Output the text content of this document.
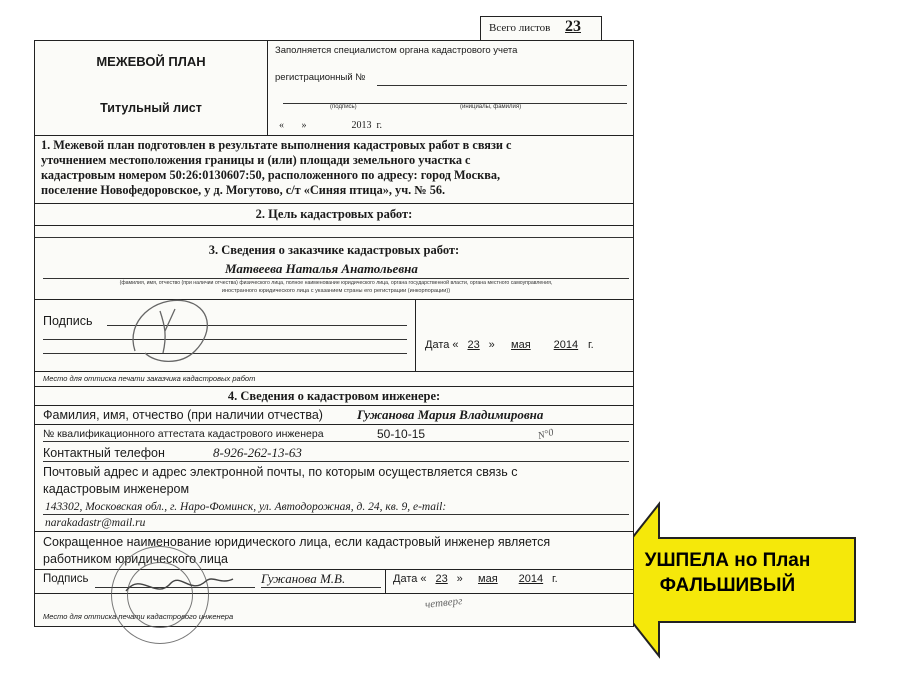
УШПЕЛА но План
ФАЛЬШИВЫЙ
Всего листов 23
МЕЖЕВОЙ ПЛАН
Титульный лист
Заполняется специалистом органа кадастрового учета
регистрационный №
(подпись)	(инициалы, фамилия)
«       »                  2013  г.
1. Межевой план подготовлен в результате выполнения кадастровых работ в связи с
уточнением местоположения границы и (или) площади земельного участка с
кадастровым номером 50:26:0130607:50, расположенного по адресу: город Москва,
поселение Новофедоровское, у д. Могутово, с/т «Синяя птица», уч. № 56.
2. Цель кадастровых работ:
3. Сведения о заказчике кадастровых работ:
Матвеева Наталья Анатольевна
(фамилия, имя, отчество (при наличии отчества) физического лица, полное наименование юридического лица, органа государственной власти, органа местного самоуправления,
иностранного юридического лица с указанием страны его регистрации (инкорпорации))
Подпись
Дата « 23 » мая 2014 г.
Место для оттиска печати заказчика кадастровых работ
4. Сведения о кадастровом инженере:
Фамилия, имя, отчество (при наличии отчества)	Гужанова Мария Владимировна
№ квалификационного аттестата кадастрового инженера	50-10-15	N°0
Контактный телефон	8-926-262-13-63
Почтовый адрес и адрес электронной почты, по которым осуществляется связь с
кадастровым инженером
143302, Московская обл., г. Наро-Фоминск, ул. Автодорожная, д. 24, кв. 9, e-mail:
narakadastr@mail.ru
Сокращенное наименование юридического лица, если кадастровый инженер является
работником юридического лица
Подпись	Гужанова М.В.	Дата « 23 » мая 2014 г.
четверг
Место для оттиска печати кадастрового инженера
